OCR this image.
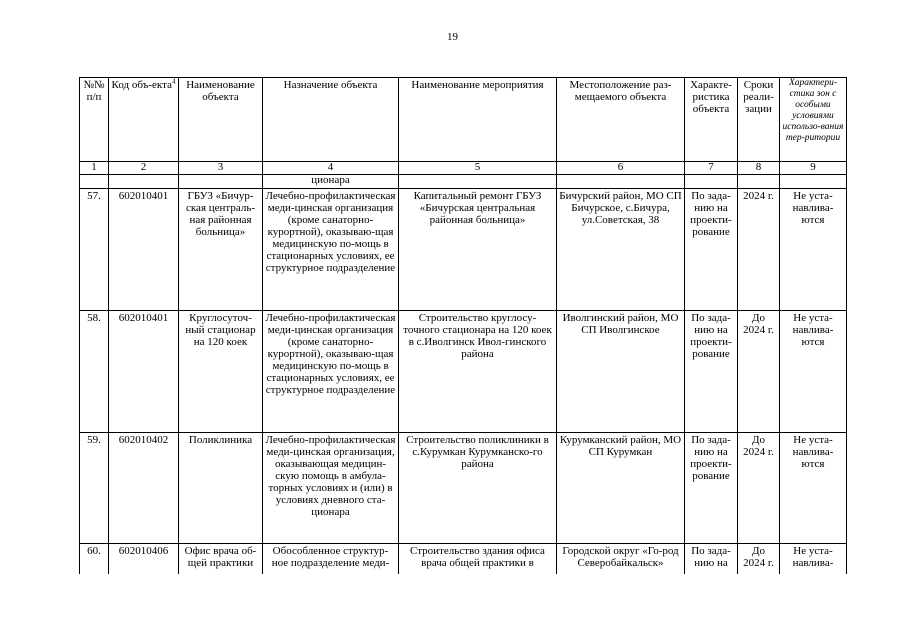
19
№№ п/п	Код объ-екта$^4$	Наименование объекта	Назначение объекта	Наименование мероприятия	Местоположение раз-мещаемого объекта	Характе-ристика объекта	Сроки реали-зации	Характери-стика зон с особыми условиями использо-вания тер-ритории
1	2	3	4	5	6	7	8	9
			ционара					
57.	602010401	ГБУЗ «Бичур-ская централь-ная районная больница»	Лечебно-профилактическая меди-цинская организация (кроме санаторно-курортной), оказываю-щая медицинскую по-мощь в стационарных условиях, ее структурное подразделение	Капитальный ремонт ГБУЗ «Бичурская центральная районная больница»	Бичурский район, МО СП Бичурское, с.Бичура, ул.Советская, 38	По зада-нию на проекти-рование	2024 г.	Не уста-навлива-ются
58.	602010401	Круглосуточ-ный стационар на 120 коек	Лечебно-профилактическая меди-цинская организация (кроме санаторно-курортной), оказываю-щая медицинскую по-мощь в стационарных условиях, ее структурное подразделение	Строительство круглосу-точного стационара на 120 коек в с.Иволгинск Ивол-гинского района	Иволгинский район, МО СП Иволгинское	По зада-нию на проекти-рование	До 2024 г.	Не уста-навлива-ются
59.	602010402	Поликлиника	Лечебно-профилактическая меди-цинская организация, оказывающая медицин-скую помощь в амбула-торных условиях и (или) в условиях дневного ста-ционара	Строительство поликлиники в с.Курумкан Курумканско-го района	Курумканский район, МО СП Курумкан	По зада-нию на проекти-рование	До 2024 г.	Не уста-навлива-ются
60.	602010406	Офис врача об-щей практики	Обособленное структур-ное подразделение меди-	Строительство здания офиса врача общей практики в	Городской округ «Го-род Северобайкальск»	По зада-нию на	До 2024 г.	Не уста-навлива-
